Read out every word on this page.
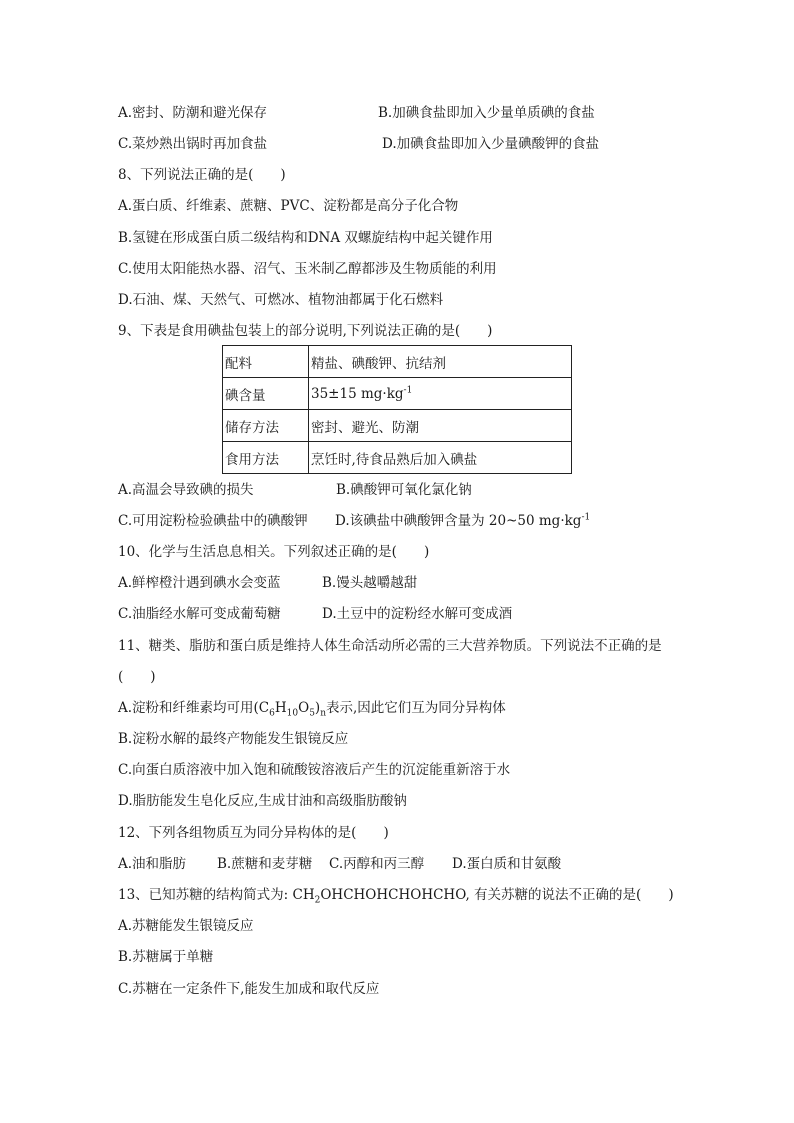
A.密封、防潮和避光保存	B.加碘食盐即加入少量单质碘的食盐
C.菜炒熟出锅时再加食盐	D.加碘食盐即加入少量碘酸钾的食盐
8、下列说法正确的是(　　)
A.蛋白质、纤维素、蔗糖、PVC、淀粉都是高分子化合物
B.氢键在形成蛋白质二级结构和DNA 双螺旋结构中起关键作用
C.使用太阳能热水器、沼气、玉米制乙醇都涉及生物质能的利用
D.石油、煤、天然气、可燃冰、植物油都属于化石燃料
9、下表是食用碘盐包装上的部分说明,下列说法正确的是(　　)
配料	精盐、碘酸钾、抗结剂
碘含量	35±15 $mg\cdot kg^{-1}$
储存方法	密封、避光、防潮
食用方法	烹饪时,待食品熟后加入碘盐
A.高温会导致碘的损失	B.碘酸钾可氧化氯化钠
C.可用淀粉检验碘盐中的碘酸钾 D.该碘盐中碘酸钾含量为 20~50 $mg\cdot kg^{-1}$
10、化学与生活息息相关。下列叙述正确的是(　　)
A.鲜榨橙汁遇到碘水会变蓝	B.馒头越嚼越甜
C.油脂经水解可变成葡萄糖	D.土豆中的淀粉经水解可变成酒
11、糖类、脂肪和蛋白质是维持人体生命活动所必需的三大营养物质。下列说法不正确的是
(　　)
A.淀粉和纤维素均可用$(C_6H_{10}O_5)_n$表示,因此它们互为同分异构体
B.淀粉水解的最终产物能发生银镜反应
C.向蛋白质溶液中加入饱和硫酸铵溶液后产生的沉淀能重新溶于水
D.脂肪能发生皂化反应,生成甘油和高级脂肪酸钠
12、下列各组物质互为同分异构体的是(　　)
A.油和脂肪 B.蔗糖和麦芽糖 C.丙醇和丙三醇 D.蛋白质和甘氨酸
13、已知苏糖的结构简式为: $CH_2OHCHOHCHOHCHO$, 有关苏糖的说法不正确的是(　　)
A.苏糖能发生银镜反应
B.苏糖属于单糖
C.苏糖在一定条件下,能发生加成和取代反应
